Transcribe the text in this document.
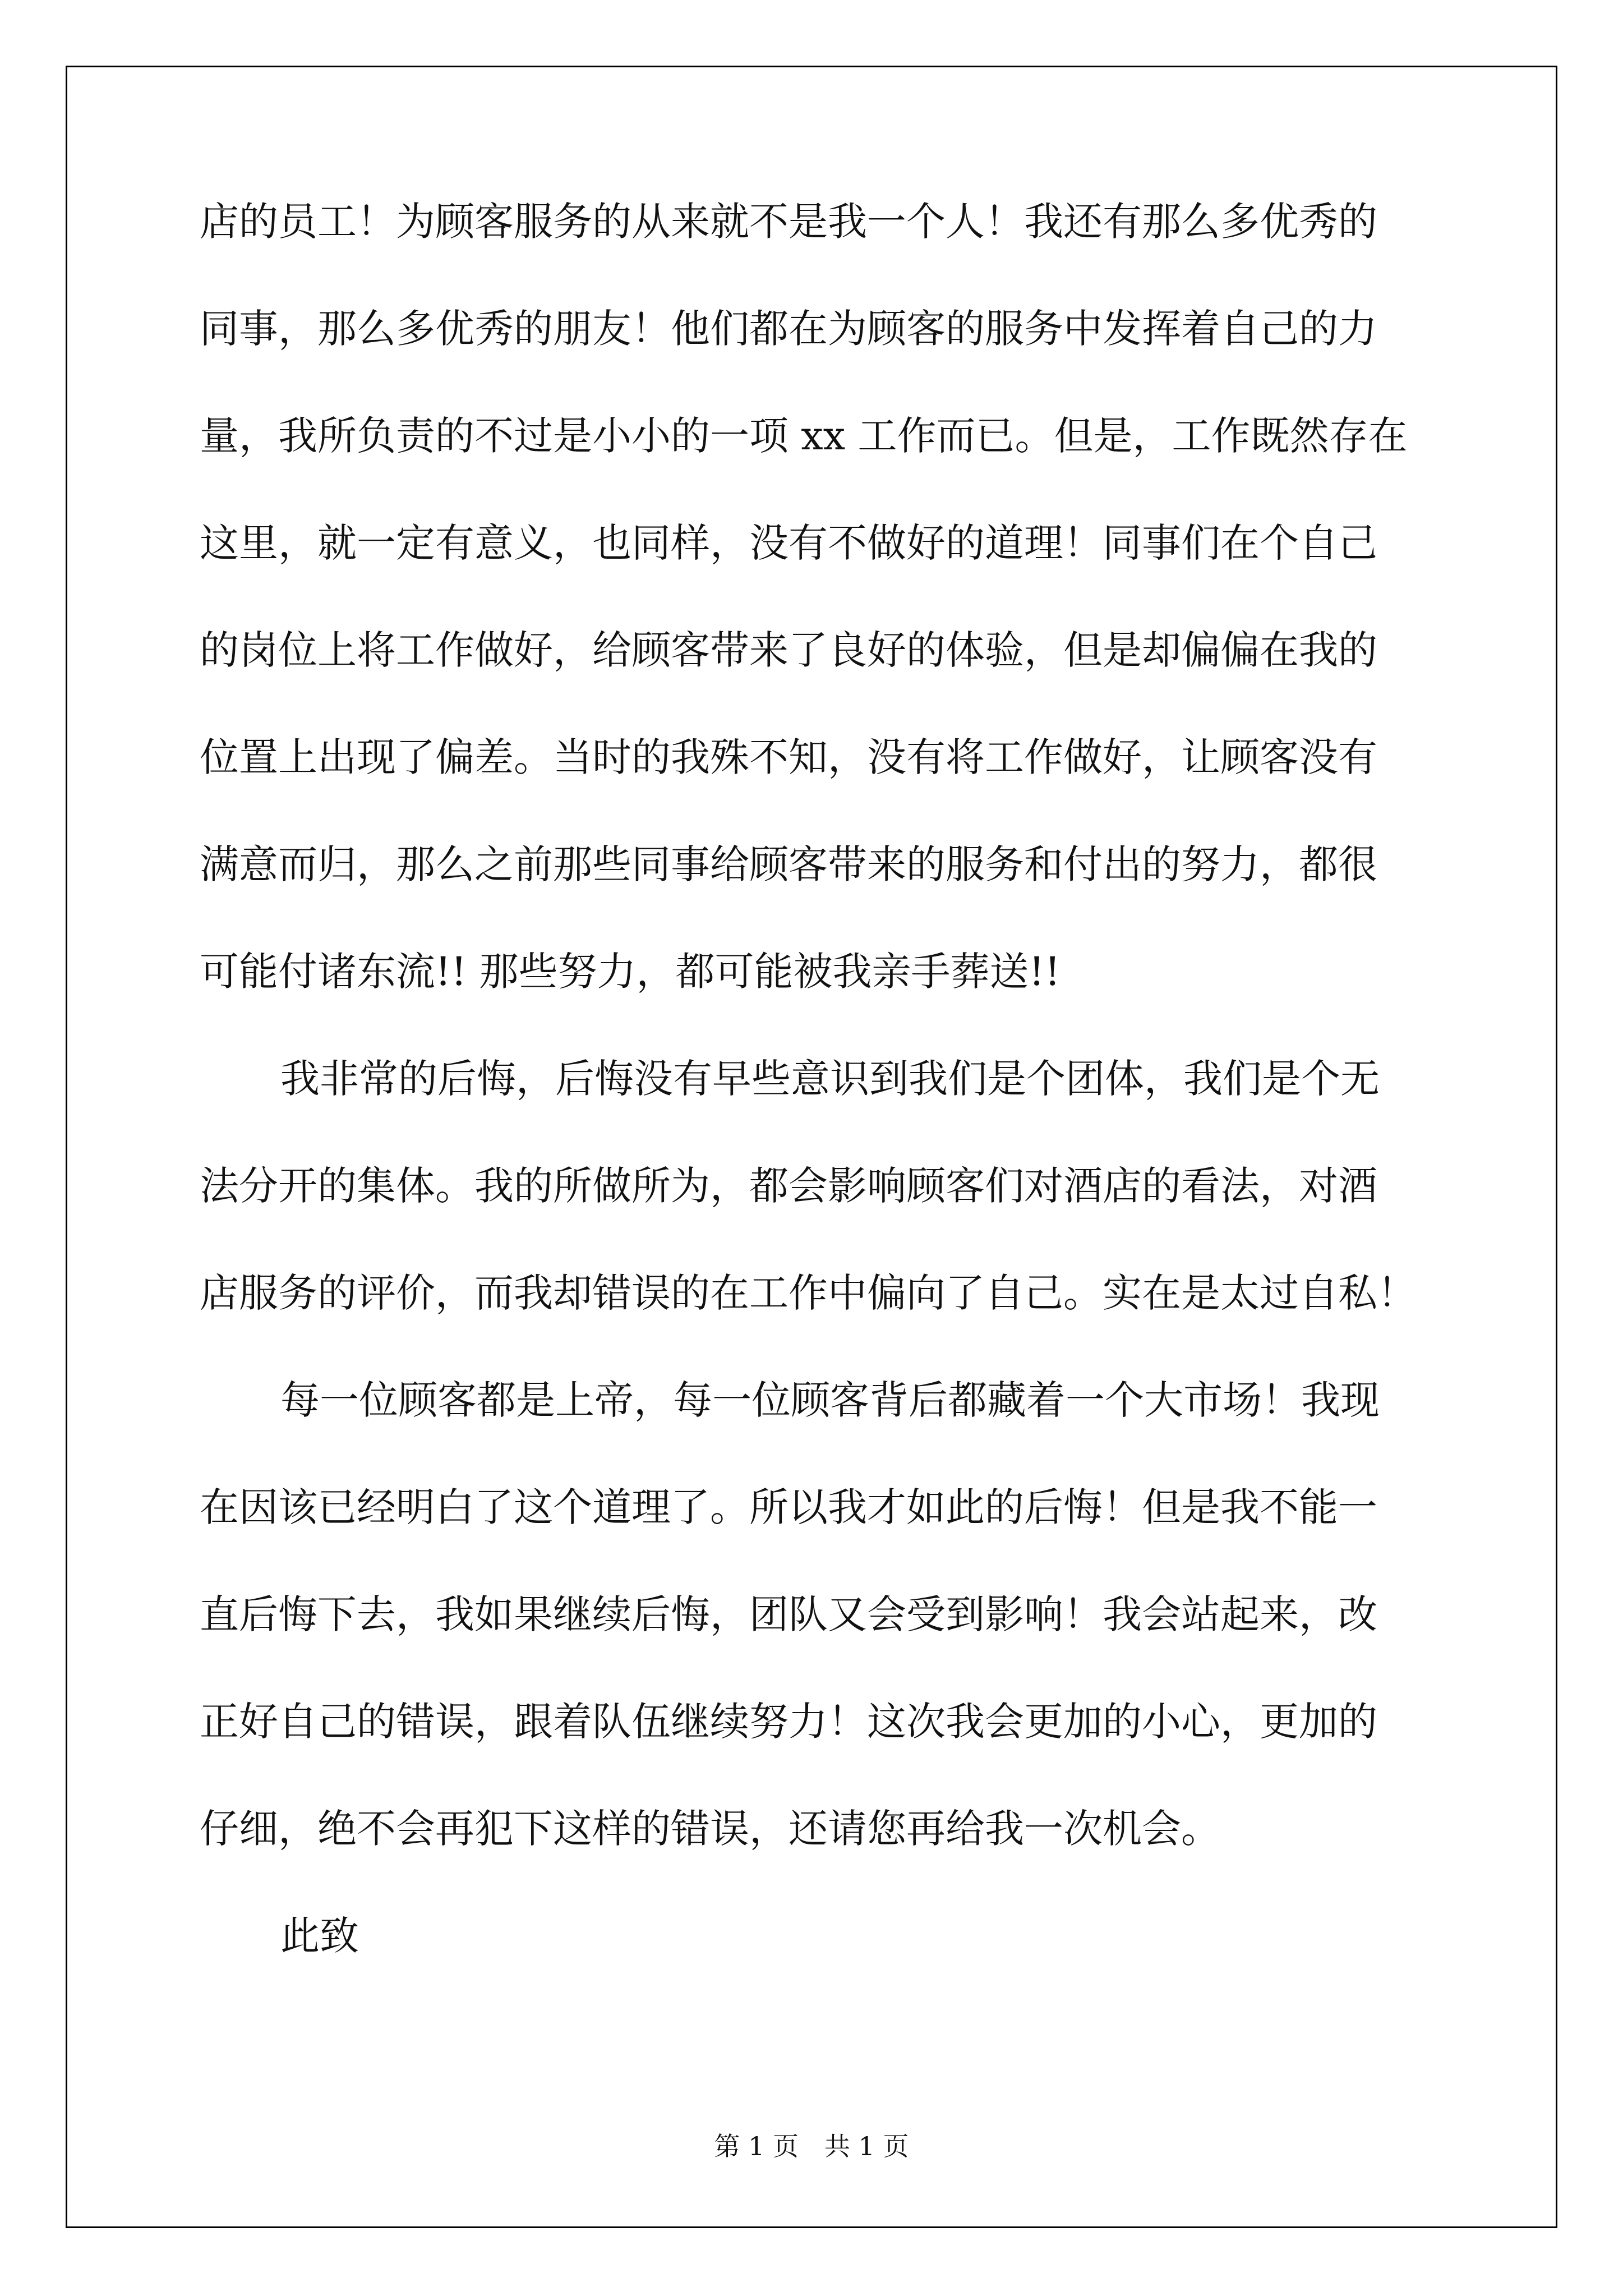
店的员工！为顾客服务的从来就不是我一个人！我还有那么多优秀的
同事，那么多优秀的朋友！他们都在为顾客的服务中发挥着自己的力
量，我所负责的不过是小小的一项 xx 工作而已。但是，工作既然存在
这里，就一定有意义，也同样，没有不做好的道理！同事们在个自己
的岗位上将工作做好，给顾客带来了良好的体验，但是却偏偏在我的
位置上出现了偏差。当时的我殊不知，没有将工作做好，让顾客没有
满意而归，那么之前那些同事给顾客带来的服务和付出的努力，都很
可能付诸东流!! 那些努力，都可能被我亲手葬送!!
我非常的后悔，后悔没有早些意识到我们是个团体，我们是个无
法分开的集体。我的所做所为，都会影响顾客们对酒店的看法，对酒
店服务的评价，而我却错误的在工作中偏向了自己。实在是太过自私！
每一位顾客都是上帝，每一位顾客背后都藏着一个大市场！我现
在因该已经明白了这个道理了。所以我才如此的后悔！但是我不能一
直后悔下去，我如果继续后悔，团队又会受到影响！我会站起来，改
正好自己的错误，跟着队伍继续努力！这次我会更加的小心，更加的
仔细，绝不会再犯下这样的错误，还请您再给我一次机会。
此致
第 1 页　共 1 页
